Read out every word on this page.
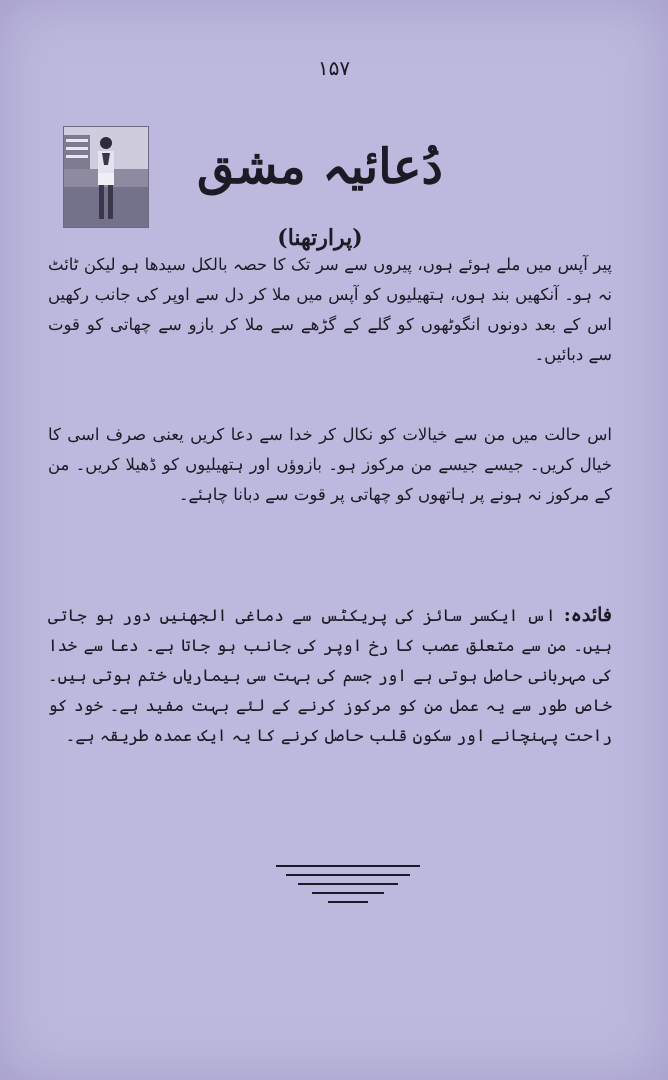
۱۵۷
دُعائیہ مشق (پرارتھنا)
پیر آپس میں ملے ہوئے ہوں، پیروں سے سر تک کا حصہ بالکل سیدھا ہو لیکن ٹائٹ نہ ہو۔ آنکھیں بند ہوں، ہتھیلیوں کو آپس میں ملا کر دل سے اوپر کی جانب رکھیں اس کے بعد دونوں انگوٹھوں کو گلے کے گڑھے سے ملا کر بازو سے چھاتی کو قوت سے دبائیں۔
اس حالت میں من سے خیالات کو نکال کر خدا سے دعا کریں یعنی صرف اسی کا خیال کریں۔ جیسے جیسے من مرکوز ہو۔ بازوؤں اور ہتھیلیوں کو ڈھیلا کریں۔ من کے مرکوز نہ ہونے پر ہاتھوں کو چھاتی پر قوت سے دبانا چاہئے۔
فائدہ: اس ایکسر سائز کی پریکٹس سے دماغی الجھنیں دور ہو جاتی ہیں۔ من سے متعلق عصب کا رخ اوپر کی جانب ہو جاتا ہے۔ دعا سے خدا کی مہربانی حاصل ہوتی ہے اور جسم کی بہت سی بیماریاں ختم ہوتی ہیں۔ خاص طور سے یہ عمل من کو مرکوز کرنے کے لئے بہت مفید ہے۔ خود کو راحت پہنچانے اور سکونِ قلب حاصل کرنے کا یہ ایک عمدہ طریقہ ہے۔
